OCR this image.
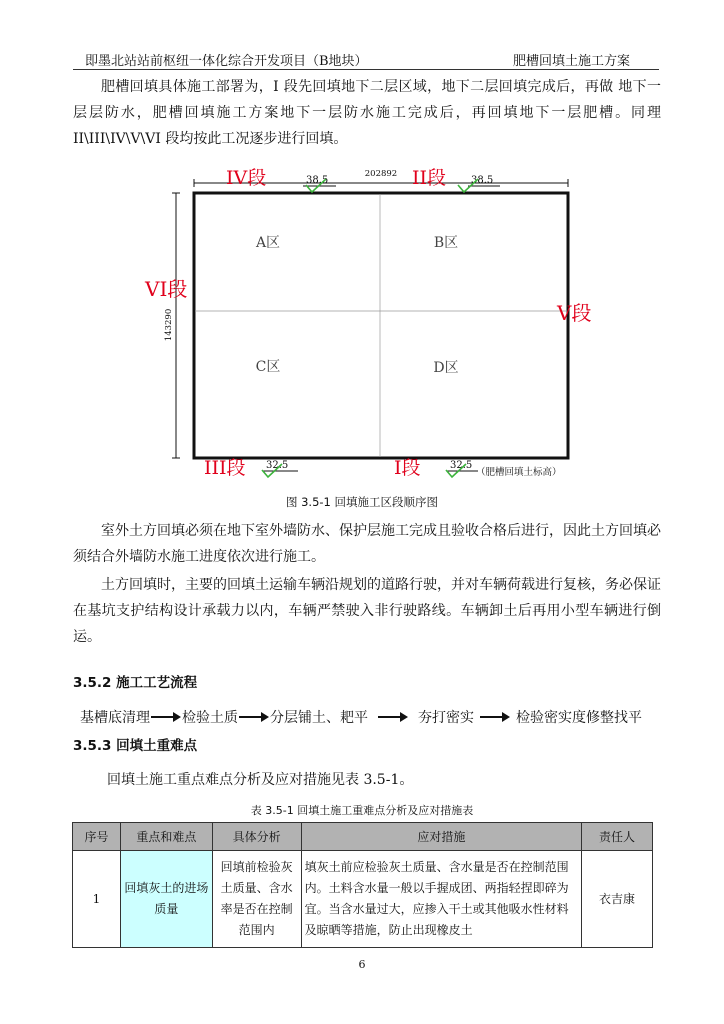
即墨北站站前枢纽一体化综合开发项目（B地块）	肥槽回填土施工方案

肥槽回填具体施工部署为，Ⅰ 段先回填地下二层区域，地下二层回填完成后，再做 地下一层层防水，肥槽回填施工方案地下一层防水施工完成后，再回填地下一层肥槽。同理II\III\IV\V\VI 段均按此工况逐步进行回填。

202892
143290
A区	B区
C区	D区
IV段	II段
VI段
V段
III段	I段
38.5	38.5
32.5	32.5
（肥槽回填土标高）
图 3.5-1 回填施工区段顺序图

室外土方回填必须在地下室外墙防水、保护层施工完成且验收合格后进行，因此土方回填必须结合外墙防水施工进度依次进行施工。

土方回填时，主要的回填土运输车辆沿规划的道路行驶，并对车辆荷载进行复核，务必保证在基坑支护结构设计承载力以内，车辆严禁驶入非行驶路线。车辆卸土后再用小型车辆进行倒运。

3.5.2 施工工艺流程
基槽底清理 检验土质 分层铺土、耙平	夯打密实	检验密实度修整找平
3.5.3 回填土重难点
回填土施工重点难点分析及应对措施见表 3.5-1。
表 3.5-1 回填土施工重难点分析及应对措施表
序号	重点和难点	具体分析	应对措施	责任人
1	回填灰土的进场质量	回填前检验灰土质量、含水率是否在控制范围内	填灰土前应检验灰土质量、含水量是否在控制范围内。土料含水量一般以手握成团、两指轻捏即碎为宜。当含水量过大，应掺入干土或其他吸水性材料及晾晒等措施，防止出现橡皮土	衣吉康
6
